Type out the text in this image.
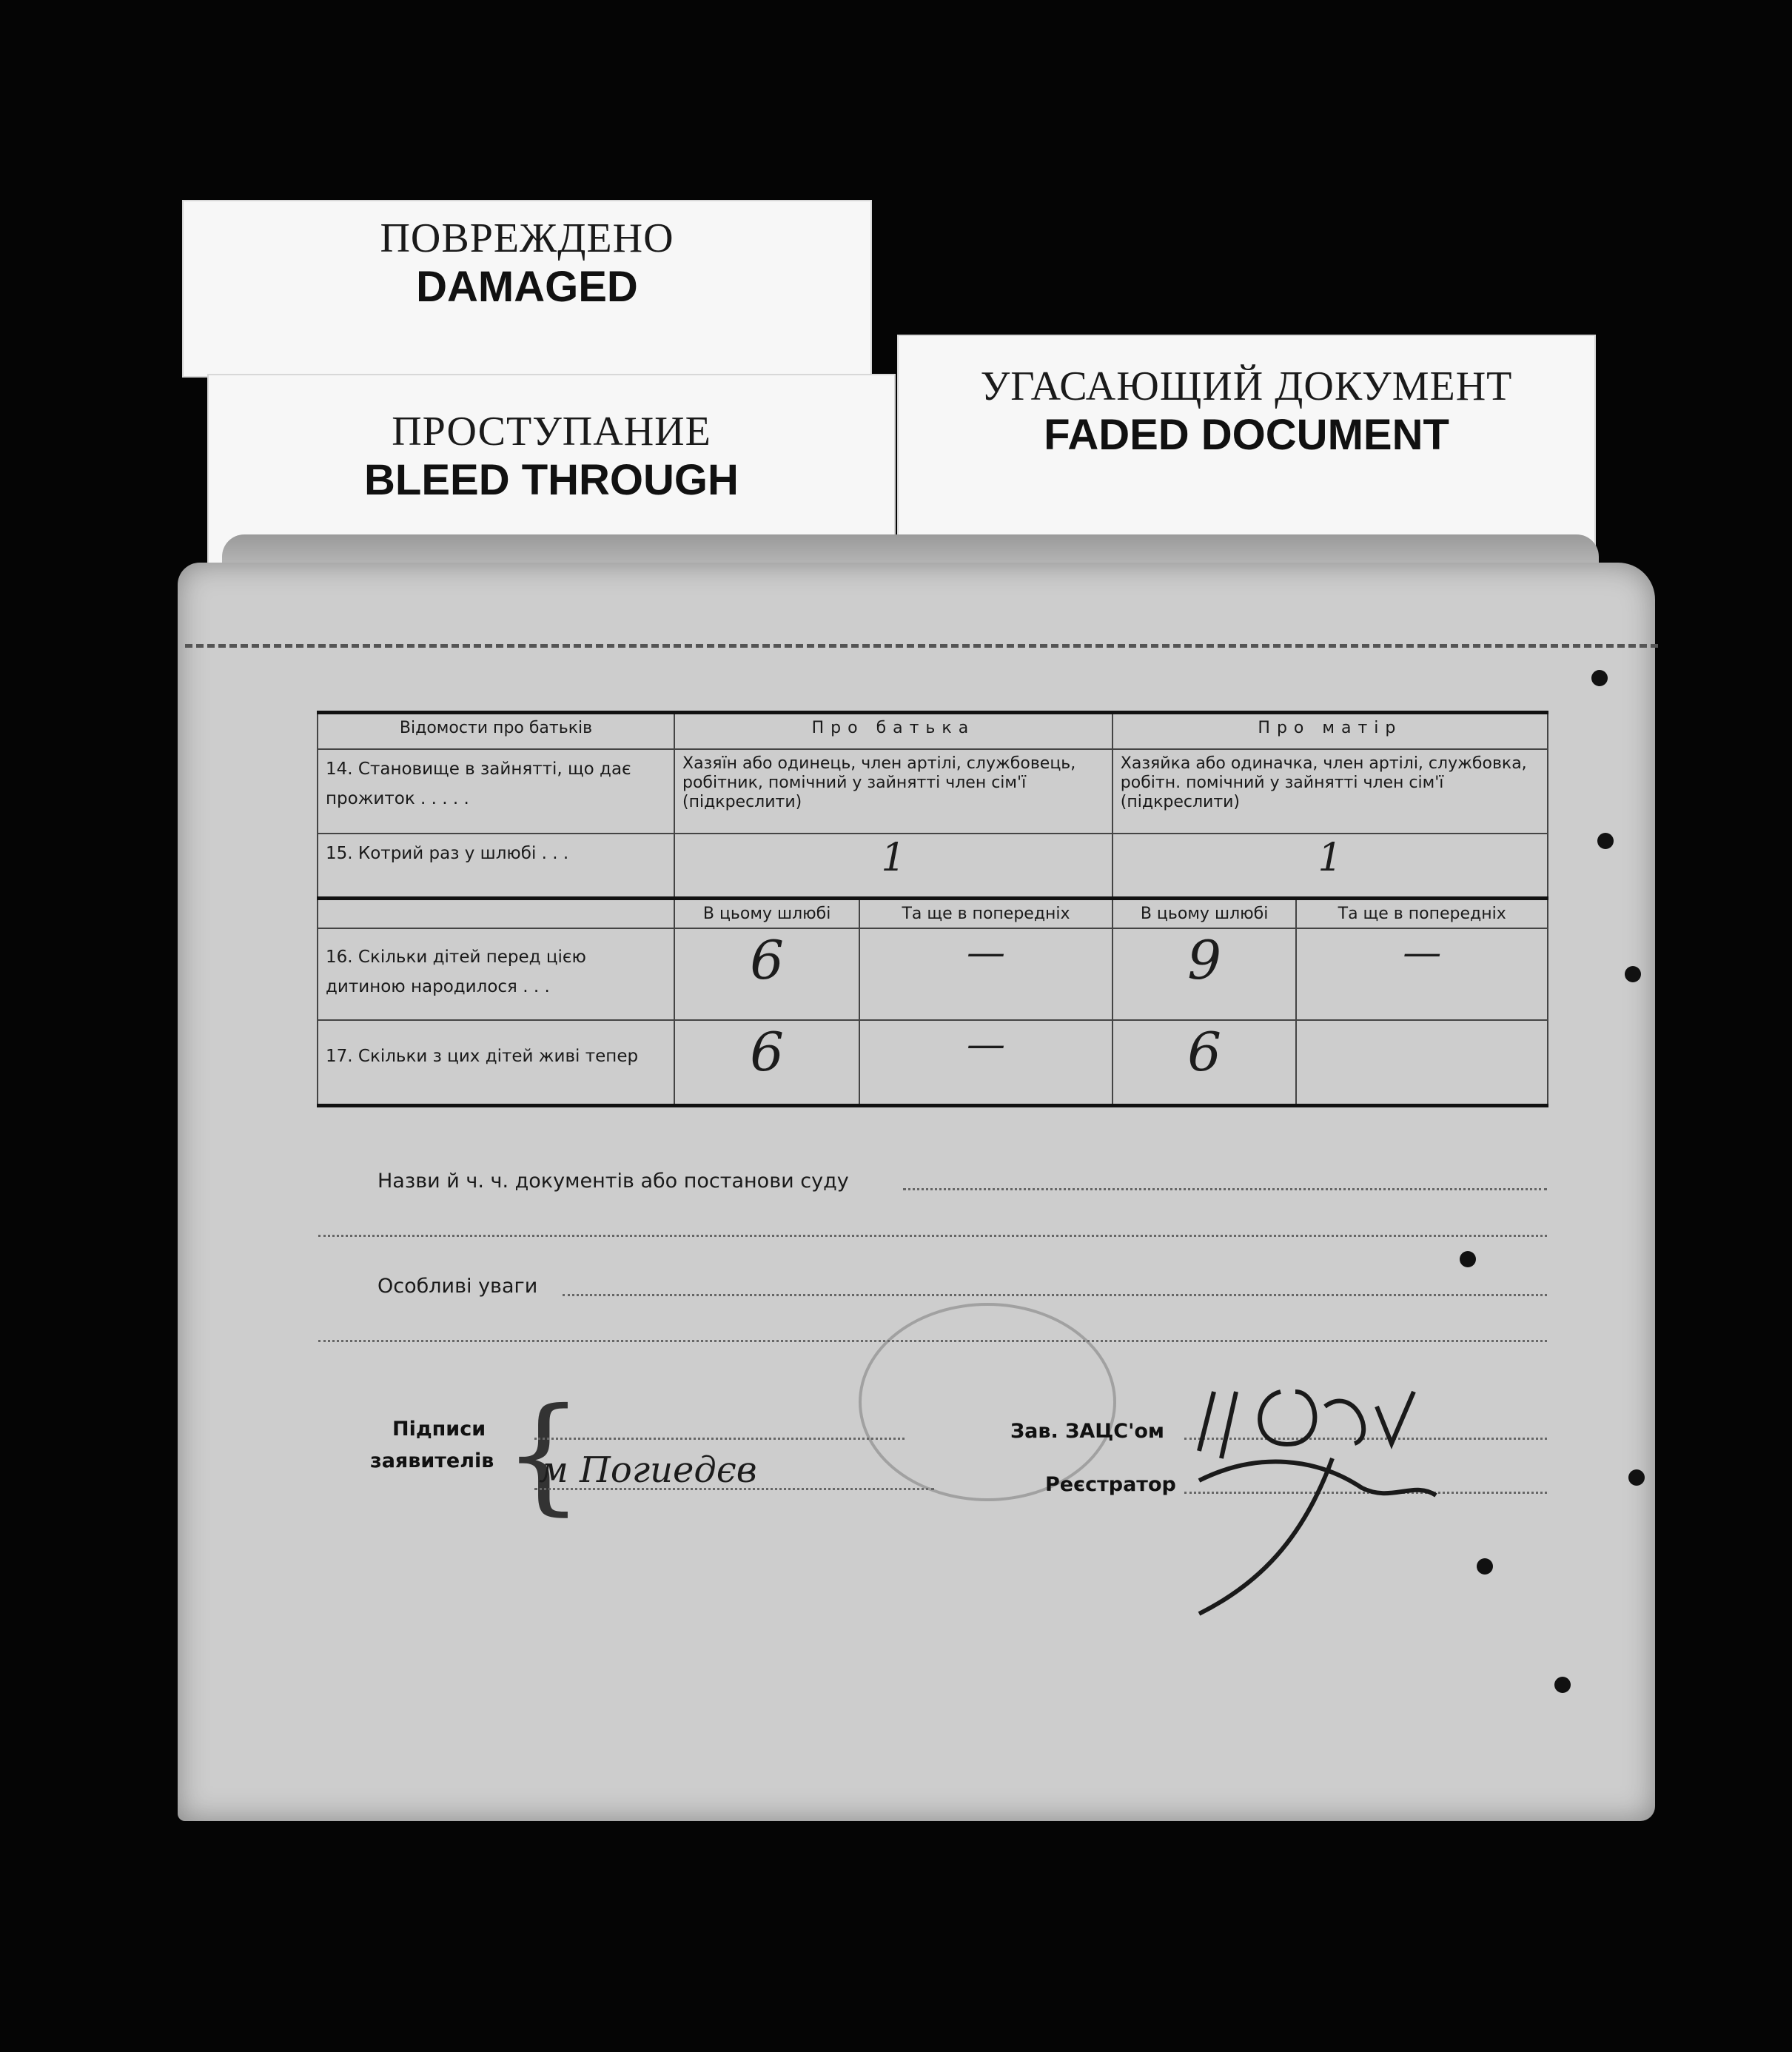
ПОВРЕЖДЕНО
DAMAGED
ПРОСТУПАНИЕ
BLEED THROUGH
УГАСАЮЩИЙ ДОКУМЕНТ
FADED DOCUMENT
Відомости про батьків	Про батька		Про матір	

14. Становище в зайнятті, що дає прожиток . . . . .	Хазяїн або одинець, член артілі, службовець, робітник, помічний у зайнятті член сім'ї (підкреслити)		Хазяйка або одиначка, член артілі, службовка, робітн. помічний у зайнятті член сім'ї (підкреслити)	

15. Котрий раз у шлюбі . . .	1		1	
	В цьому шлюбі	Та ще в попередніх	В цьому шлюбі	Та ще в попередніх

16. Скільки дітей перед цією дитиною народилося . . .	6	—	9	—

17. Скільки з цих дітей живі тепер	6	—	6	
Назви й ч. ч. документів або постанови суду
Особливі уваги
Підписи
заявителів {
м Погиедєв
Зав. ЗАЦС'ом
Реєстратор
